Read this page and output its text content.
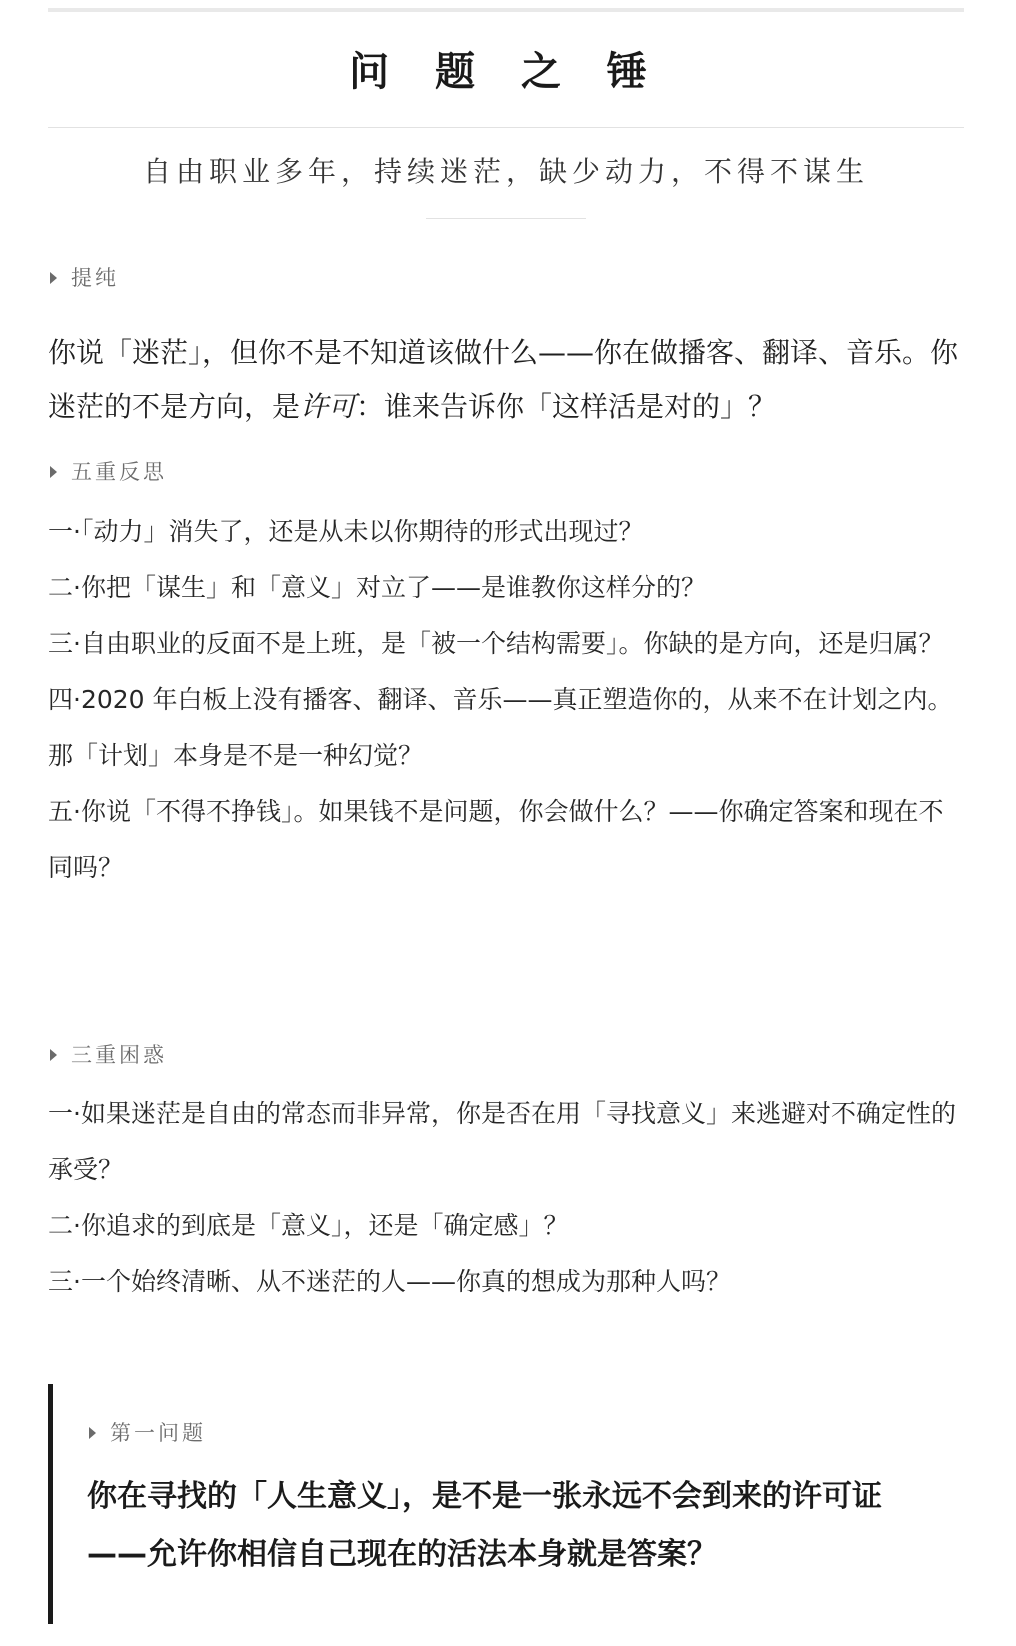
问 题 之 锤
自由职业多年，持续迷茫，缺少动力，不得不谋生
提纯
你说「迷茫」，但你不是不知道该做什么——你在做播客、翻译、音乐。你迷茫的不是方向，是许可：谁来告诉你「这样活是对的」？
五重反思
一·「动力」消失了，还是从未以你期待的形式出现过？
二·你把「谋生」和「意义」对立了——是谁教你这样分的？
三·自由职业的反面不是上班，是「被一个结构需要」。你缺的是方向，还是归属？
四·2020 年白板上没有播客、翻译、音乐——真正塑造你的，从来不在计划之内。那「计划」本身是不是一种幻觉？
五·你说「不得不挣钱」。如果钱不是问题，你会做什么？——你确定答案和现在不同吗？
三重困惑
一·如果迷茫是自由的常态而非异常，你是否在用「寻找意义」来逃避对不确定性的承受？
二·你追求的到底是「意义」，还是「确定感」？
三·一个始终清晰、从不迷茫的人——你真的想成为那种人吗？
第一问题
你在寻找的「人生意义」，是不是一张永远不会到来的许可证——允许你相信自己现在的活法本身就是答案？
